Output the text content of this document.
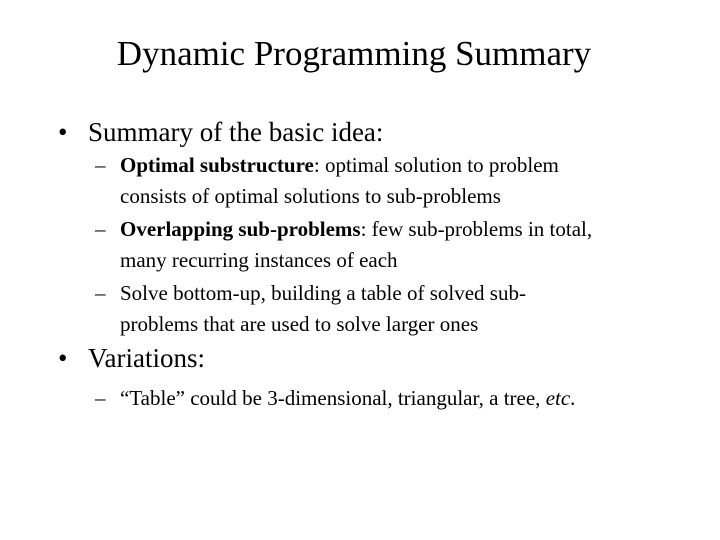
Dynamic Programming Summary
• Summary of the basic idea:
– Optimal substructure: optimal solution to problem
consists of optimal solutions to sub-problems
– Overlapping sub-problems: few sub-problems in total,
many recurring instances of each
– Solve bottom-up, building a table of solved sub-
problems that are used to solve larger ones
• Variations:
– “Table” could be 3-dimensional, triangular, a tree, etc.
